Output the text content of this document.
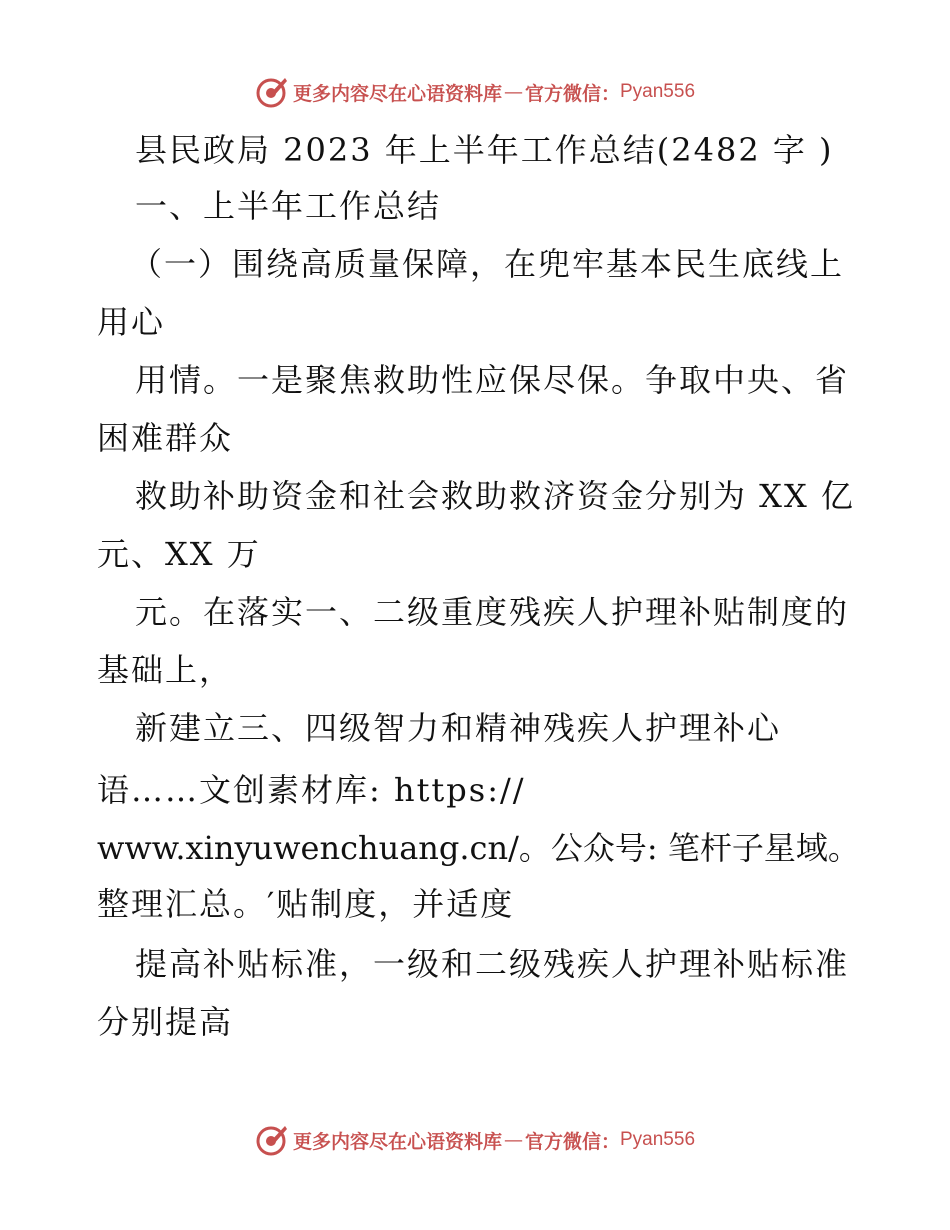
更多内容尽在心语资料库 — 官方微信： Pyan556
县民政局 2023 年上半年工作总结(2482 字 )
一、上半年工作总结
（一）围绕高质量保障，在兜牢基本民生底线上
用心
用情。一是聚焦救助性应保尽保。争取中央、省
困难群众
救助补助资金和社会救助救济资金分别为 XX 亿
元、XX 万
元。在落实一、二级重度残疾人护理补贴制度的
基础上，
新建立三、四级智力和精神残疾人护理补心
语……文创素材库: https://
www.xinyuwenchuang.cn/。公众号: 笔杆子星域。
整理汇总。′贴制度，并适度
提高补贴标准，一级和二级残疾人护理补贴标准
分别提高
更多内容尽在心语资料库 — 官方微信： Pyan556
